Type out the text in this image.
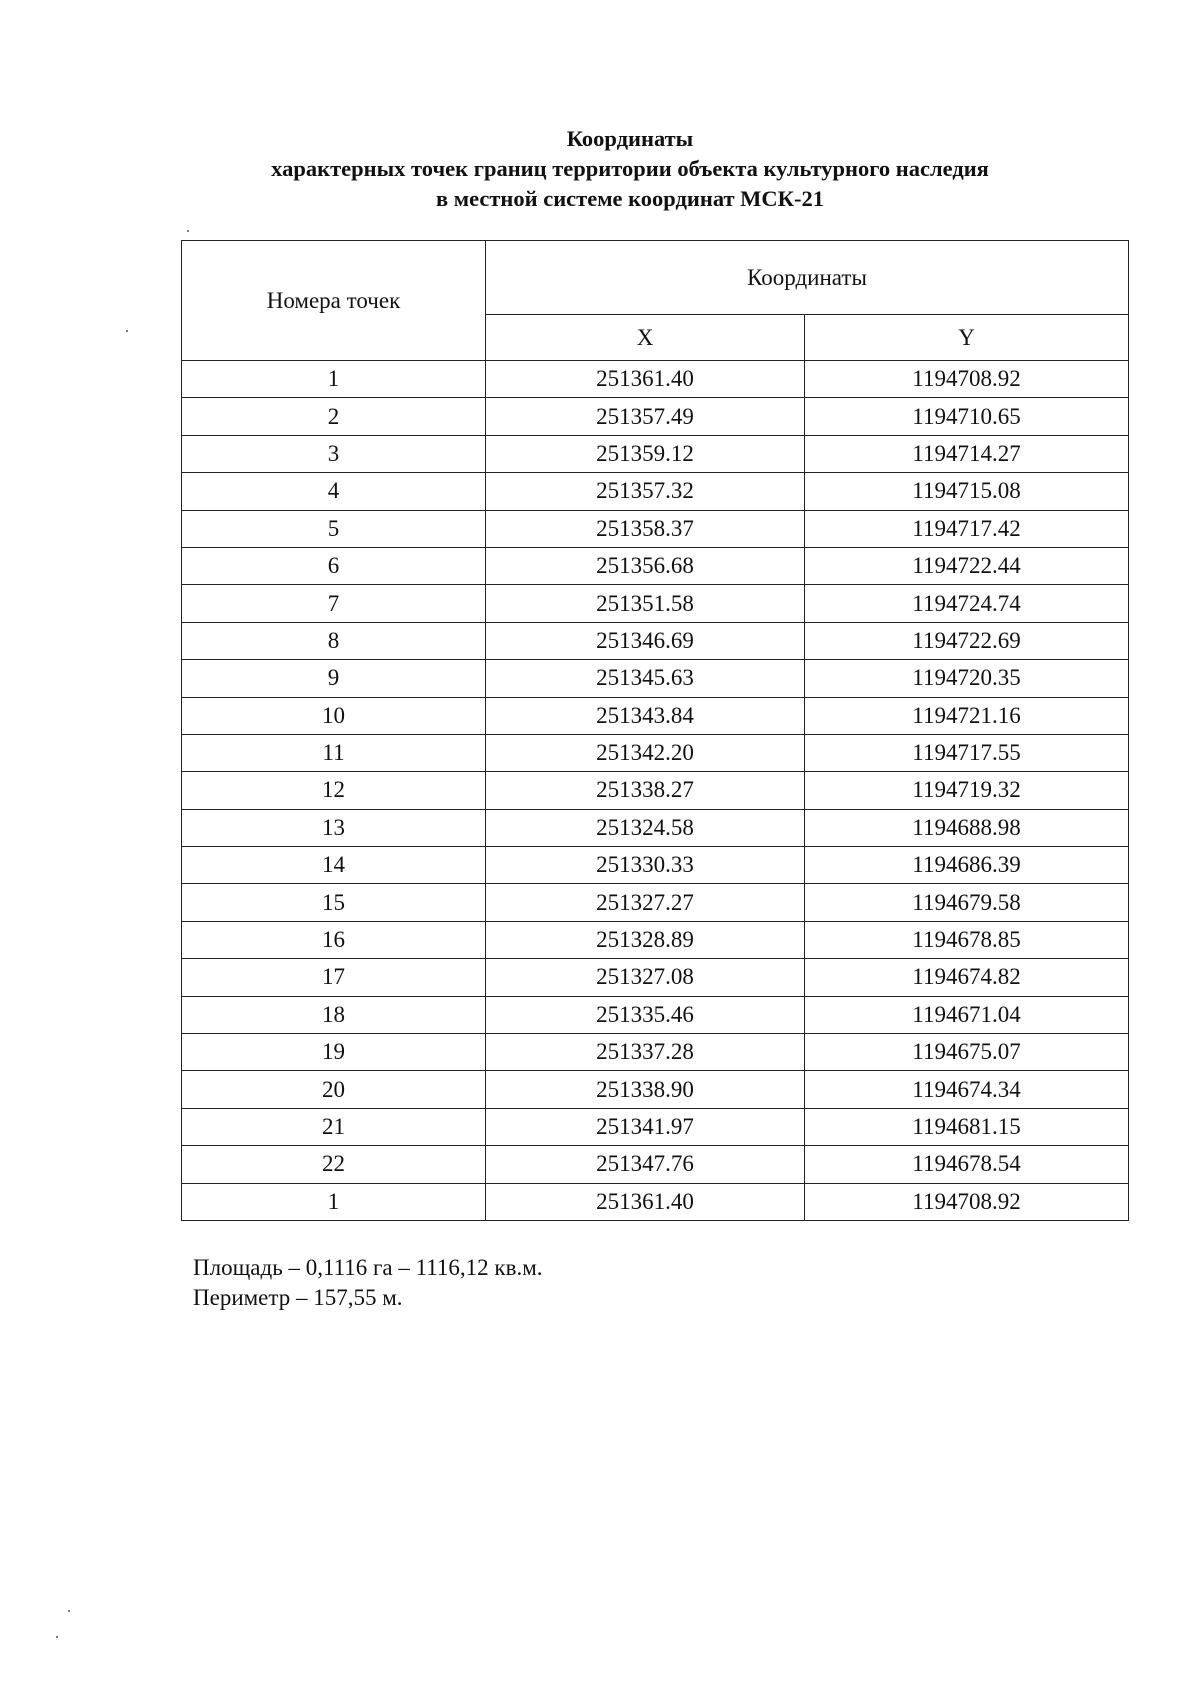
Координаты
характерных точек границ территории объекта культурного наследия
в местной системе координат МСК-21
Номера точек	Координаты	
	X	Y
1	251361.40	1194708.92
2	251357.49	1194710.65
3	251359.12	1194714.27
4	251357.32	1194715.08
5	251358.37	1194717.42
6	251356.68	1194722.44
7	251351.58	1194724.74
8	251346.69	1194722.69
9	251345.63	1194720.35
10	251343.84	1194721.16
11	251342.20	1194717.55
12	251338.27	1194719.32
13	251324.58	1194688.98
14	251330.33	1194686.39
15	251327.27	1194679.58
16	251328.89	1194678.85
17	251327.08	1194674.82
18	251335.46	1194671.04
19	251337.28	1194675.07
20	251338.90	1194674.34
21	251341.97	1194681.15
22	251347.76	1194678.54
1	251361.40	1194708.92
Площадь – 0,1116 га – 1116,12 кв.м.
Периметр – 157,55 м.
